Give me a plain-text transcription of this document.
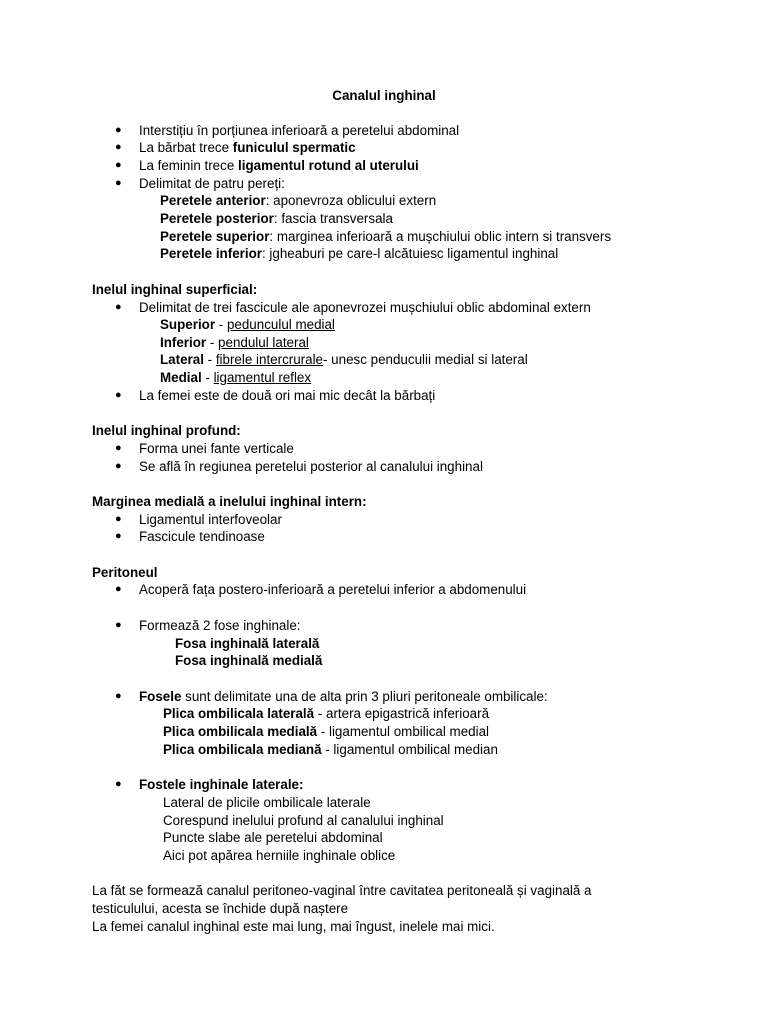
Canalul inghinal
● Interstițiu în porțiunea inferioară a peretelui abdominal
● La bărbat trece funiculul spermatic
● La feminin trece ligamentul rotund al uterului
● Delimitat de patru pereți:
Peretele anterior: aponevroza oblicului extern
Peretele posterior: fascia transversala
Peretele superior: marginea inferioară a mușchiului oblic intern si transvers
Peretele inferior: jgheaburi pe care-l alcătuiesc ligamentul inghinal
Inelul inghinal superficial:
● Delimitat de trei fascicule ale aponevrozei mușchiului oblic abdominal extern
Superior - pedunculul medial
Inferior - pendulul lateral
Lateral - fibrele intercrurale- unesc penduculii medial si lateral
Medial - ligamentul reflex
● La femei este de două ori mai mic decât la bărbați
Inelul inghinal profund:
● Forma unei fante verticale
● Se află în regiunea peretelui posterior al canalului inghinal
Marginea medială a inelului inghinal intern:
● Ligamentul interfoveolar
● Fascicule tendinoase
Peritoneul
● Acoperă fața postero-inferioară a peretelui inferior a abdomenului
● Formează 2 fose inghinale:
Fosa inghinală laterală
Fosa inghinală medială
● Fosele sunt delimitate una de alta prin 3 pliuri peritoneale ombilicale:
Plica ombilicala laterală - artera epigastrică inferioară
Plica ombilicala medială - ligamentul ombilical medial
Plica ombilicala mediană - ligamentul ombilical median
● Fostele inghinale laterale:
Lateral de plicile ombilicale laterale
Corespund inelului profund al canalului inghinal
Puncte slabe ale peretelui abdominal
Aici pot apărea herniile inghinale oblice
La făt se formează canalul peritoneo-vaginal între cavitatea peritoneală și vaginală a
testiculului, acesta se închide după naștere
La femei canalul inghinal este mai lung, mai îngust, inelele mai mici.
